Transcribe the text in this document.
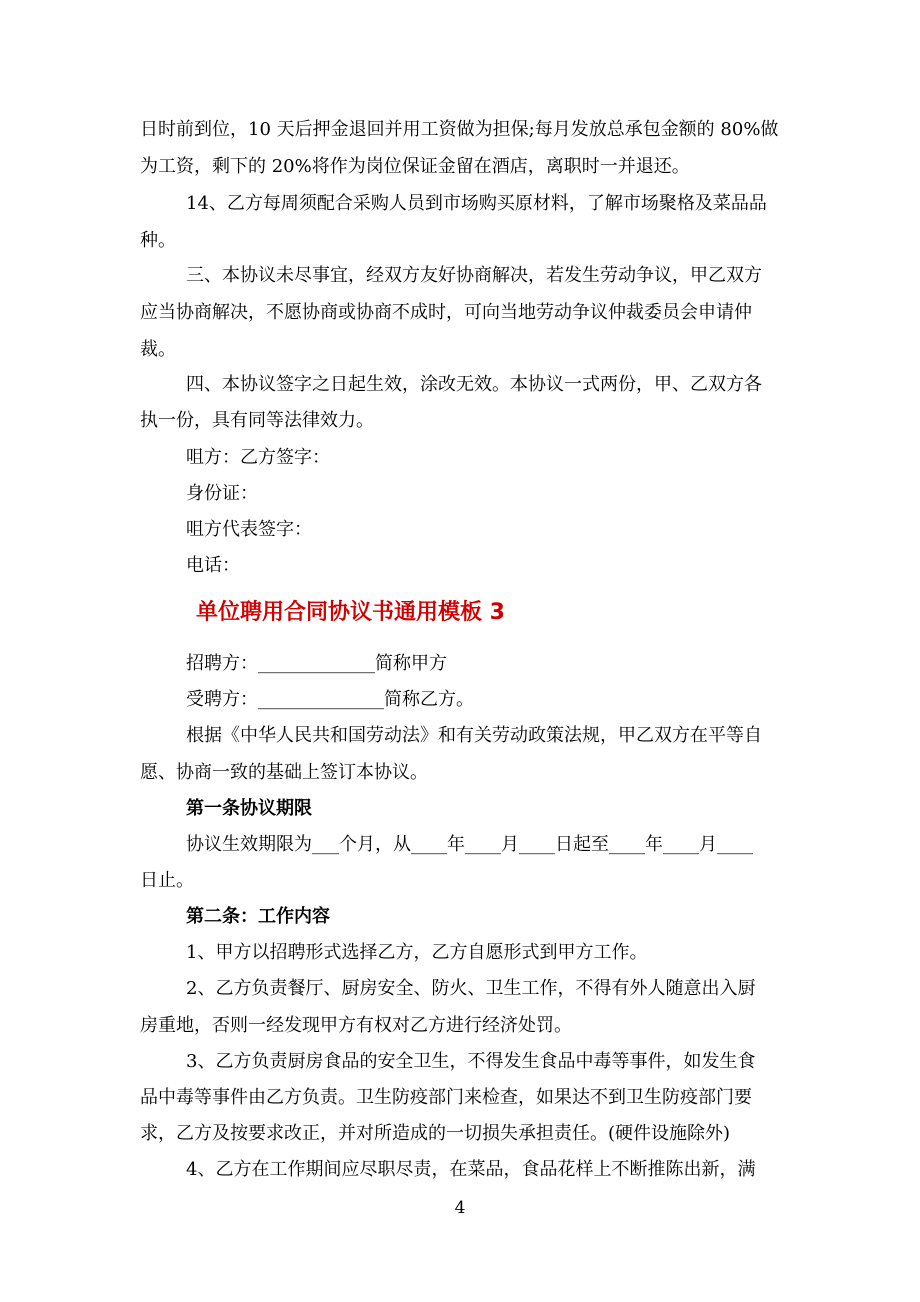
日时前到位，10 天后押金退回并用工资做为担保;每月发放总承包金额的 80%做
为工资，剩下的 20%将作为岗位保证金留在酒店，离职时一并退还。
14、乙方每周须配合采购人员到市场购买原材料，了解市场聚格及菜品品
种。
三、本协议未尽事宜，经双方友好协商解决，若发生劳动争议，甲乙双方
应当协商解决，不愿协商或协商不成时，可向当地劳动争议仲裁委员会申请仲
裁。
四、本协议签字之日起生效，涂改无效。本协议一式两份，甲、乙双方各
执一份，具有同等法律效力。
咀方：乙方签字：
身份证：
咀方代表签字：
电话：
单位聘用合同协议书通用模板 3
招聘方：_____________简称甲方
受聘方：______________简称乙方。
根据《中华人民共和国劳动法》和有关劳动政策法规，甲乙双方在平等自
愿、协商一致的基础上签订本协议。
第一条协议期限
协议生效期限为___个月，从____年____月____日起至____年____月____
日止。
第二条：工作内容
1、甲方以招聘形式选择乙方，乙方自愿形式到甲方工作。
2、乙方负责餐厅、厨房安全、防火、卫生工作，不得有外人随意出入厨
房重地，否则一经发现甲方有权对乙方进行经济处罚。
3、乙方负责厨房食品的安全卫生，不得发生食品中毒等事件，如发生食
品中毒等事件由乙方负责。卫生防疫部门来检查，如果达不到卫生防疫部门要
求，乙方及按要求改正，并对所造成的一切损失承担责任。(硬件设施除外)
4、乙方在工作期间应尽职尽责，在菜品，食品花样上不断推陈出新，满
4
